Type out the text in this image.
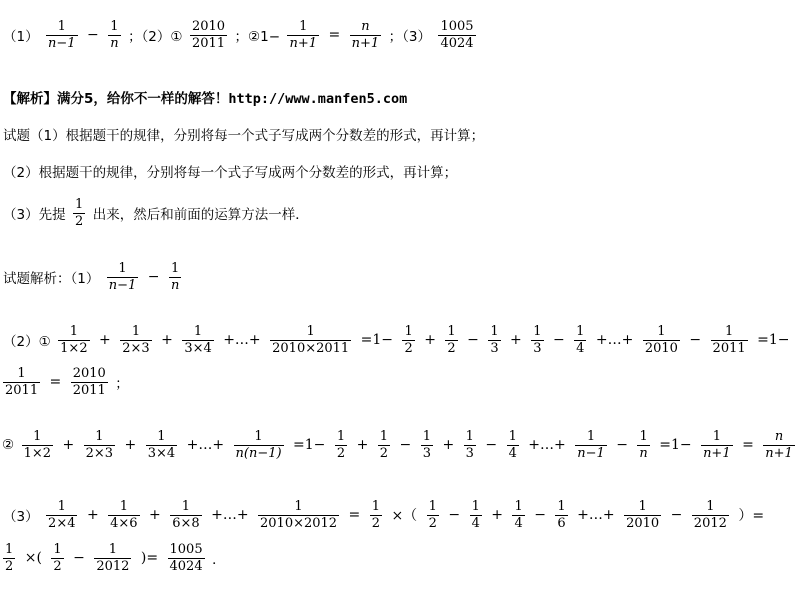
$(1) \frac{1}{n-1} - \frac{1}{n}$ ；（2）① $\frac{2010}{2011}$ ；②1− $\frac{1}{n+1} = \frac{n}{n+1}$ ；$(3) \frac{1005}{4024}$
【解析】满分5，给你不一样的解答！http://www.manfen5.com
试题（1）根据题干的规律，分别将每一个式子写成两个分数差的形式，再计算；
（2）根据题干的规律，分别将每一个式子写成两个分数差的形式，再计算；
（3）先提 $\frac{1}{2}$ 出来，然后和前面的运算方法一样．
试题解析：$(1) \frac{1}{n-1} - \frac{1}{n}$
（2）① $\frac{1}{1\times 2} + \frac{1}{2\times 3} + \frac{1}{3\times 4}$ +…+ $\frac{1}{2010\times 2011} =1- \frac{1}{2} + \frac{1}{2} - \frac{1}{3} + \frac{1}{3} - \frac{1}{4}$ +…+ $\frac{1}{2010} - \frac{1}{2011} =1-$
$\frac{1}{2011} = \frac{2010}{2011}$ ；
② $\frac{1}{1\times 2} + \frac{1}{2\times 3} + \frac{1}{3\times 4}$ +…+ $\frac{1}{n(n-1)} =1- \frac{1}{2} + \frac{1}{2} - \frac{1}{3} + \frac{1}{3} - \frac{1}{4}$ +…+ $\frac{1}{n-1} - \frac{1}{n} =1- \frac{1}{n+1} = \frac{n}{n+1}$
$(3) \frac{1}{2\times 4} + \frac{1}{4\times 6} + \frac{1}{6\times 8}$ +…+ $\frac{1}{2010\times 2012} = \frac{1}{2}$ ×（ $\frac{1}{2} - \frac{1}{4} + \frac{1}{4} - \frac{1}{6}$ +…+ $\frac{1}{2010} - \frac{1}{2012}$ ）=
$\frac{1}{2}$ ×( $\frac{1}{2} - \frac{1}{2012}$ )= $\frac{1005}{4024}$ ．
